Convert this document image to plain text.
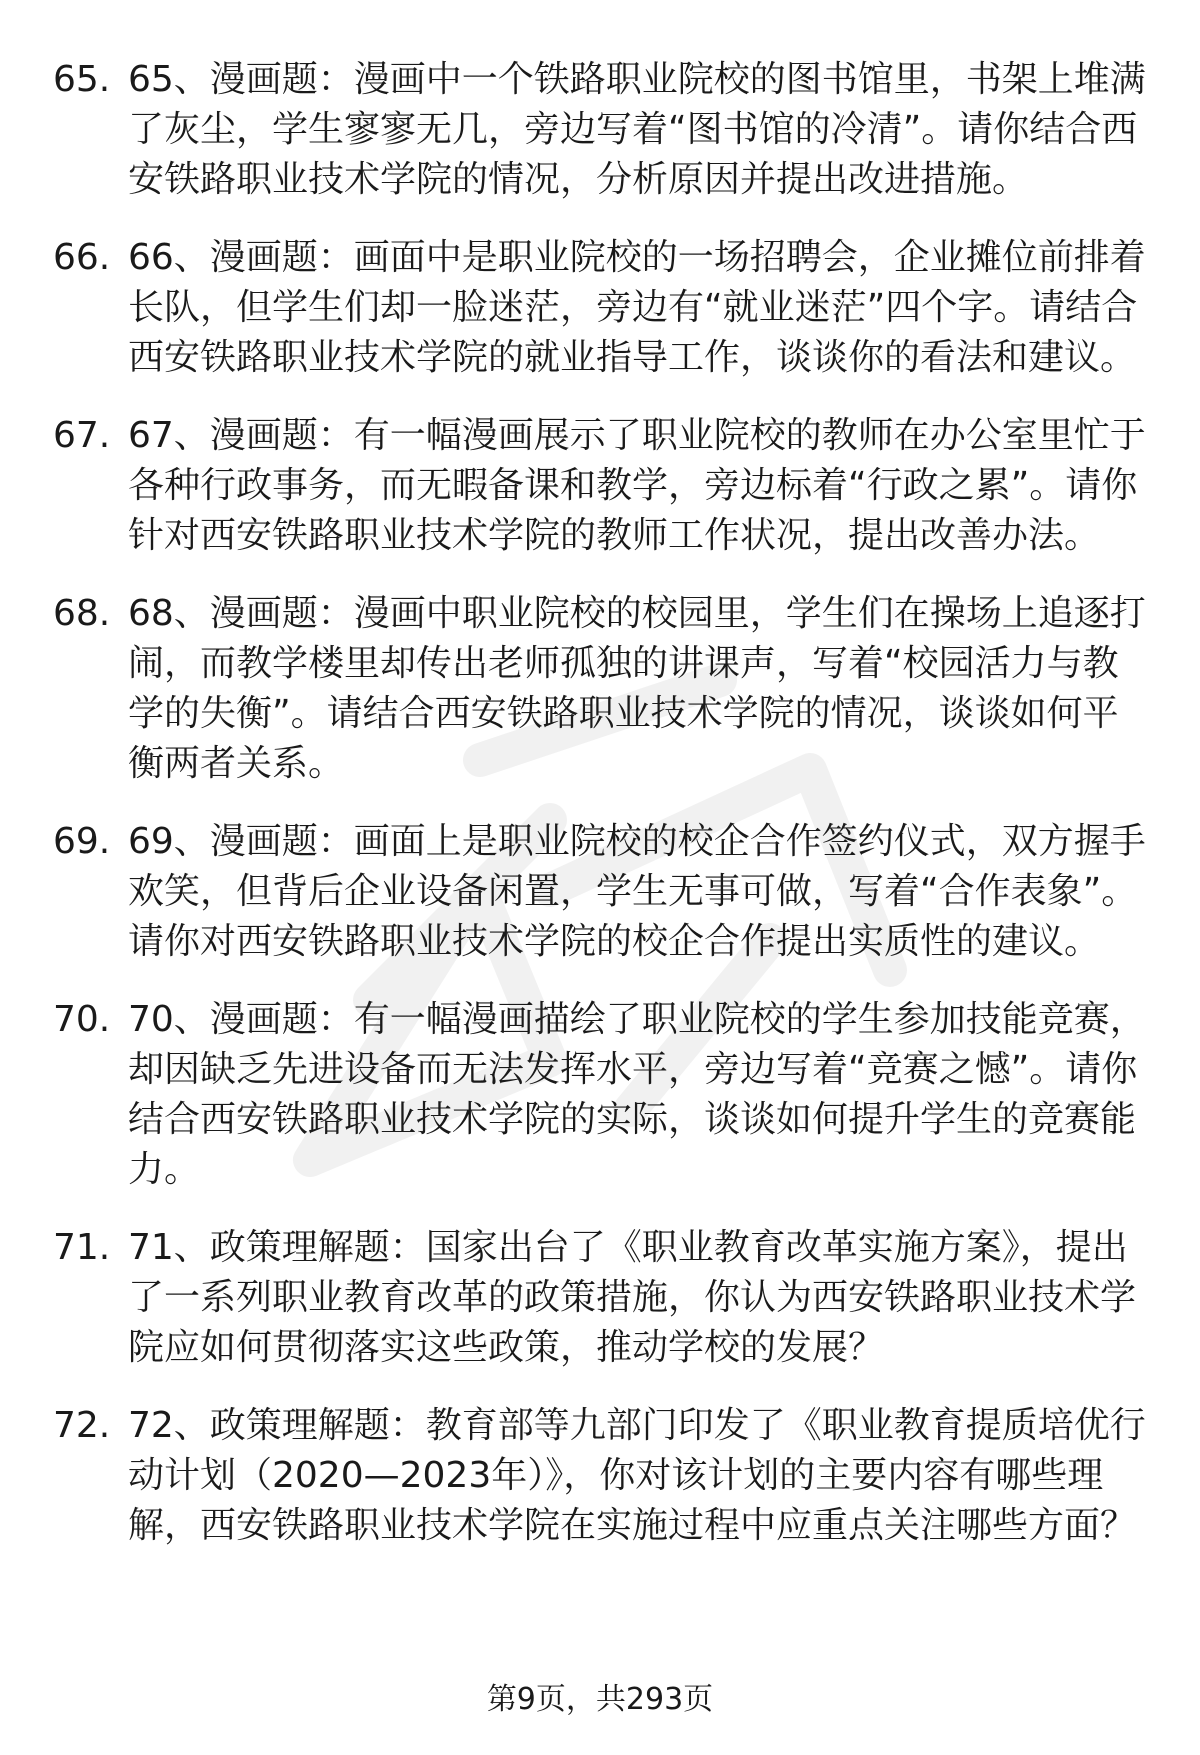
65. 65、漫画题：漫画中一个铁路职业院校的图书馆里，书架上堆满了灰尘，学生寥寥无几，旁边写着“图书馆的冷清”。请你结合西安铁路职业技术学院的情况，分析原因并提出改进措施。
66. 66、漫画题：画面中是职业院校的一场招聘会，企业摊位前排着长队，但学生们却一脸迷茫，旁边有“就业迷茫”四个字。请结合西安铁路职业技术学院的就业指导工作，谈谈你的看法和建议。
67. 67、漫画题：有一幅漫画展示了职业院校的教师在办公室里忙于各种行政事务，而无暇备课和教学，旁边标着“行政之累”。请你针对西安铁路职业技术学院的教师工作状况，提出改善办法。
68. 68、漫画题：漫画中职业院校的校园里，学生们在操场上追逐打闹，而教学楼里却传出老师孤独的讲课声，写着“校园活力与教学的失衡”。请结合西安铁路职业技术学院的情况，谈谈如何平衡两者关系。
69. 69、漫画题：画面上是职业院校的校企合作签约仪式，双方握手欢笑，但背后企业设备闲置，学生无事可做，写着“合作表象”。请你对西安铁路职业技术学院的校企合作提出实质性的建议。
70. 70、漫画题：有一幅漫画描绘了职业院校的学生参加技能竞赛，却因缺乏先进设备而无法发挥水平，旁边写着“竞赛之憾”。请你结合西安铁路职业技术学院的实际，谈谈如何提升学生的竞赛能力。
71. 71、政策理解题：国家出台了《职业教育改革实施方案》，提出了一系列职业教育改革的政策措施，你认为西安铁路职业技术学院应如何贯彻落实这些政策，推动学校的发展？
72. 72、政策理解题：教育部等九部门印发了《职业教育提质培优行动计划（2020—2023年）》，你对该计划的主要内容有哪些理解，西安铁路职业技术学院在实施过程中应重点关注哪些方面？
第9页，共293页
